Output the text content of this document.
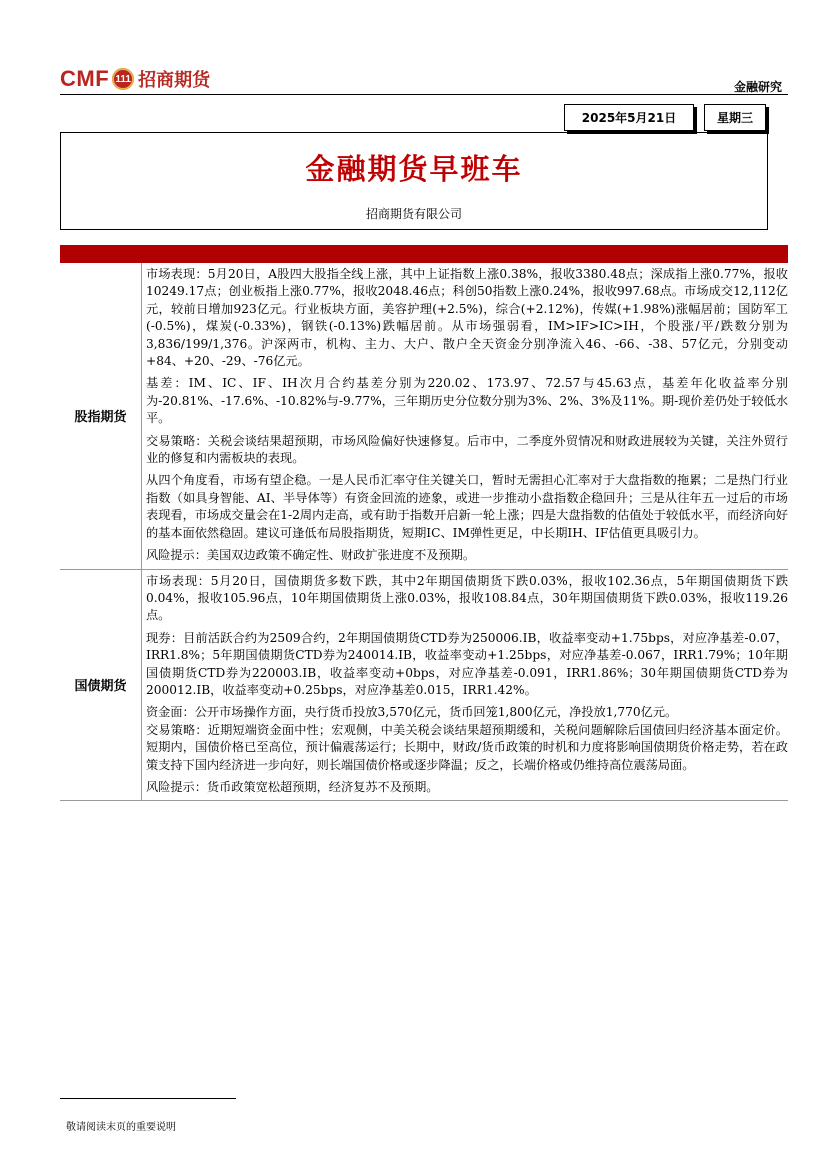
CMF 111 招商期货	金融研究
2025年5月21日	星期三
金融期货早班车
招商期货有限公司
股指期货

市场表现：5月20日，A股四大股指全线上涨，其中上证指数上涨0.38%，报收3380.48点；深成指上涨0.77%，报收10249.17点；创业板指上涨0.77%，报收2048.46点；科创50指数上涨0.24%，报收997.68点。市场成交12,112亿元，较前日增加923亿元。行业板块方面，美容护理(+2.5%)，综合(+2.12%)，传媒(+1.98%)涨幅居前；国防军工(-0.5%)，煤炭(-0.33%)，钢铁(-0.13%)跌幅居前。从市场强弱看，IM>IF>IC>IH，个股涨/平/跌数分别为3,836/199/1,376。沪深两市，机构、主力、大户、散户全天资金分别净流入46、-66、-38、57亿元，分别变动+84、+20、-29、-76亿元。

基差：IM、IC、IF、IH次月合约基差分别为220.02、173.97、72.57与45.63点，基差年化收益率分别为-20.81%、-17.6%、-10.82%与-9.77%，三年期历史分位数分别为3%、2%、3%及11%。期-现价差仍处于较低水平。

交易策略：关税会谈结果超预期，市场风险偏好快速修复。后市中，二季度外贸情况和财政进展较为关键，关注外贸行业的修复和内需板块的表现。

从四个角度看，市场有望企稳。一是人民币汇率守住关键关口，暂时无需担心汇率对于大盘指数的拖累；二是热门行业指数（如具身智能、AI、半导体等）有资金回流的迹象，或进一步推动小盘指数企稳回升；三是从往年五一过后的市场表现看，市场成交量会在1-2周内走高，或有助于指数开启新一轮上涨；四是大盘指数的估值处于较低水平，而经济向好的基本面依然稳固。建议可逢低布局股指期货，短期IC、IM弹性更足，中长期IH、IF估值更具吸引力。

风险提示：美国双边政策不确定性、财政扩张进度不及预期。

国债期货

市场表现：5月20日，国债期货多数下跌，其中2年期国债期货下跌0.03%，报收102.36点，5年期国债期货下跌0.04%，报收105.96点，10年期国债期货上涨0.03%，报收108.84点，30年期国债期货下跌0.03%，报收119.26点。

现券：目前活跃合约为2509合约，2年期国债期货CTD券为250006.IB，收益率变动+1.75bps，对应净基差-0.07，IRR1.8%；5年期国债期货CTD券为240014.IB，收益率变动+1.25bps，对应净基差-0.067，IRR1.79%；10年期国债期货CTD券为220003.IB，收益率变动+0bps，对应净基差-0.091，IRR1.86%；30年期国债期货CTD券为200012.IB，收益率变动+0.25bps，对应净基差0.015，IRR1.42%。

资金面：公开市场操作方面，央行货币投放3,570亿元，货币回笼1,800亿元，净投放1,770亿元。
交易策略：近期短端资金面中性；宏观侧，中美关税会谈结果超预期缓和，关税问题解除后国债回归经济基本面定价。短期内，国债价格已至高位，预计偏震荡运行；长期中，财政/货币政策的时机和力度将影响国债期货价格走势，若在政策支持下国内经济进一步向好，则长端国债价格或逐步降温；反之，长端价格或仍维持高位震荡局面。

风险提示：货币政策宽松超预期，经济复苏不及预期。

敬请阅读末页的重要说明
